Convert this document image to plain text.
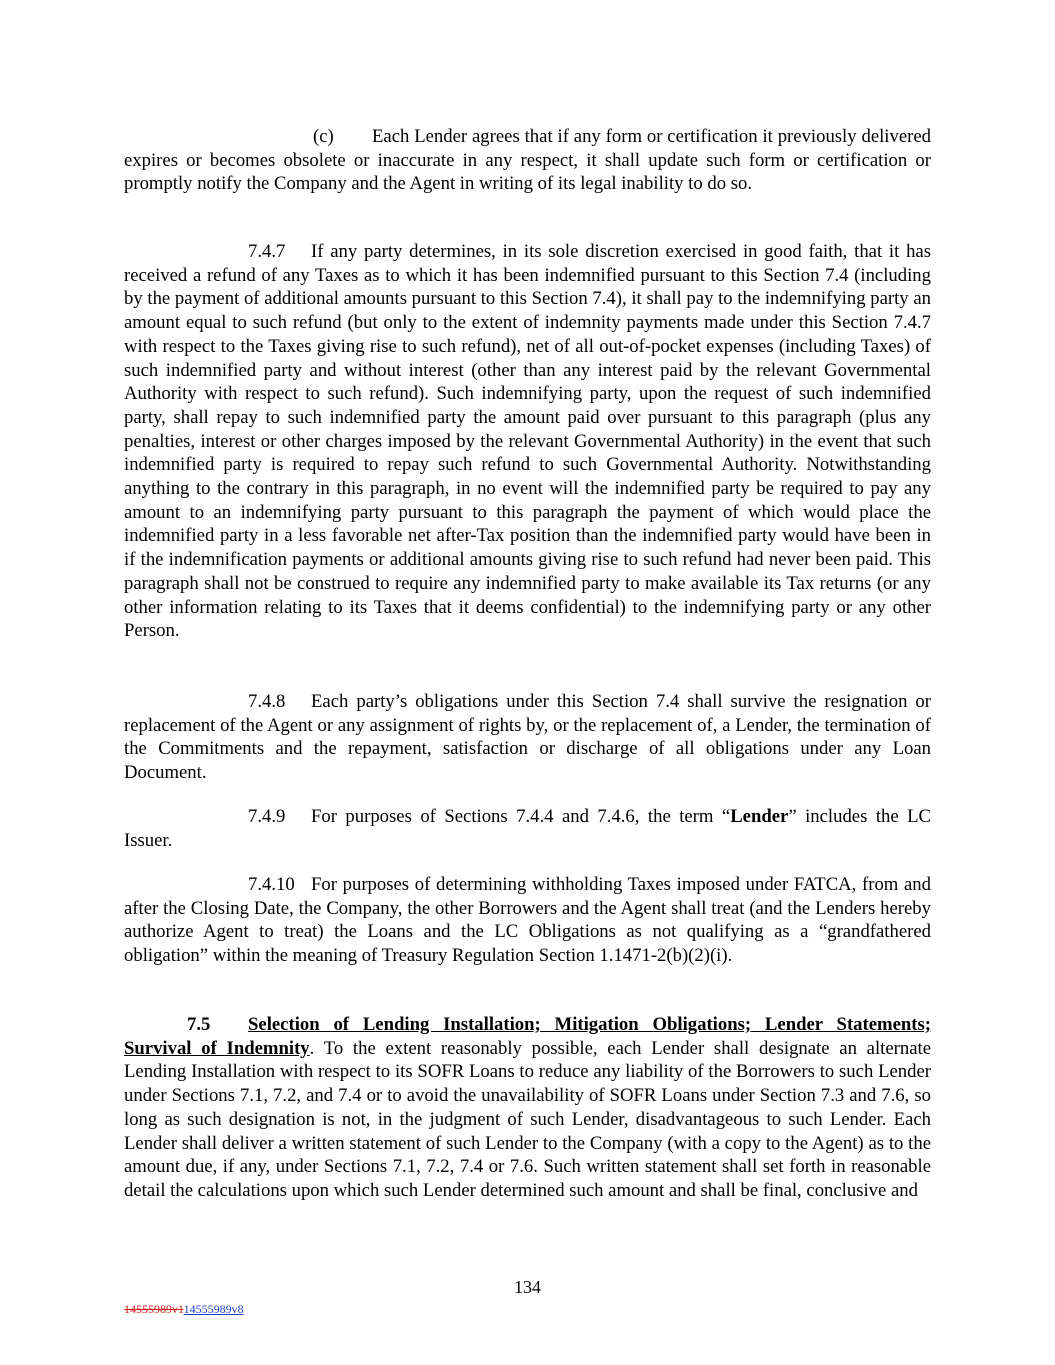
(c) Each Lender agrees that if any form or certification it previously delivered expires or becomes obsolete or inaccurate in any respect, it shall update such form or certification or promptly notify the Company and the Agent in writing of its legal inability to do so.

7.4.7 If any party determines, in its sole discretion exercised in good faith, that it has received a refund of any Taxes as to which it has been indemnified pursuant to this Section 7.4 (including by the payment of additional amounts pursuant to this Section 7.4), it shall pay to the indemnifying party an amount equal to such refund (but only to the extent of indemnity payments made under this Section 7.4.7 with respect to the Taxes giving rise to such refund), net of all out-of-pocket expenses (including Taxes) of such indemnified party and without interest (other than any interest paid by the relevant Governmental Authority with respect to such refund). Such indemnifying party, upon the request of such indemnified party, shall repay to such indemnified party the amount paid over pursuant to this paragraph (plus any penalties, interest or other charges imposed by the relevant Governmental Authority) in the event that such indemnified party is required to repay such refund to such Governmental Authority. Notwithstanding anything to the contrary in this paragraph, in no event will the indemnified party be required to pay any amount to an indemnifying party pursuant to this paragraph the payment of which would place the indemnified party in a less favorable net after-Tax position than the indemnified party would have been in if the indemnification payments or additional amounts giving rise to such refund had never been paid. This paragraph shall not be construed to require any indemnified party to make available its Tax returns (or any other information relating to its Taxes that it deems confidential) to the indemnifying party or any other Person.

7.4.8 Each party’s obligations under this Section 7.4 shall survive the resignation or replacement of the Agent or any assignment of rights by, or the replacement of, a Lender, the termination of the Commitments and the repayment, satisfaction or discharge of all obligations under any Loan Document.

7.4.9 For purposes of Sections 7.4.4 and 7.4.6, the term “Lender” includes the LC Issuer.

7.4.10 For purposes of determining withholding Taxes imposed under FATCA, from and after the Closing Date, the Company, the other Borrowers and the Agent shall treat (and the Lenders hereby authorize Agent to treat) the Loans and the LC Obligations as not qualifying as a “grandfathered obligation” within the meaning of Treasury Regulation Section 1.1471-2(b)(2)(i).

7.5 Selection of Lending Installation; Mitigation Obligations; Lender Statements; Survival of Indemnity. To the extent reasonably possible, each Lender shall designate an alternate Lending Installation with respect to its SOFR Loans to reduce any liability of the Borrowers to such Lender under Sections 7.1, 7.2, and 7.4 or to avoid the unavailability of SOFR Loans under Section 7.3 and 7.6, so long as such designation is not, in the judgment of such Lender, disadvantageous to such Lender. Each Lender shall deliver a written statement of such Lender to the Company (with a copy to the Agent) as to the amount due, if any, under Sections 7.1, 7.2, 7.4 or 7.6. Such written statement shall set forth in reasonable detail the calculations upon which such Lender determined such amount and shall be final, conclusive and

134
14555989v114555989v8
